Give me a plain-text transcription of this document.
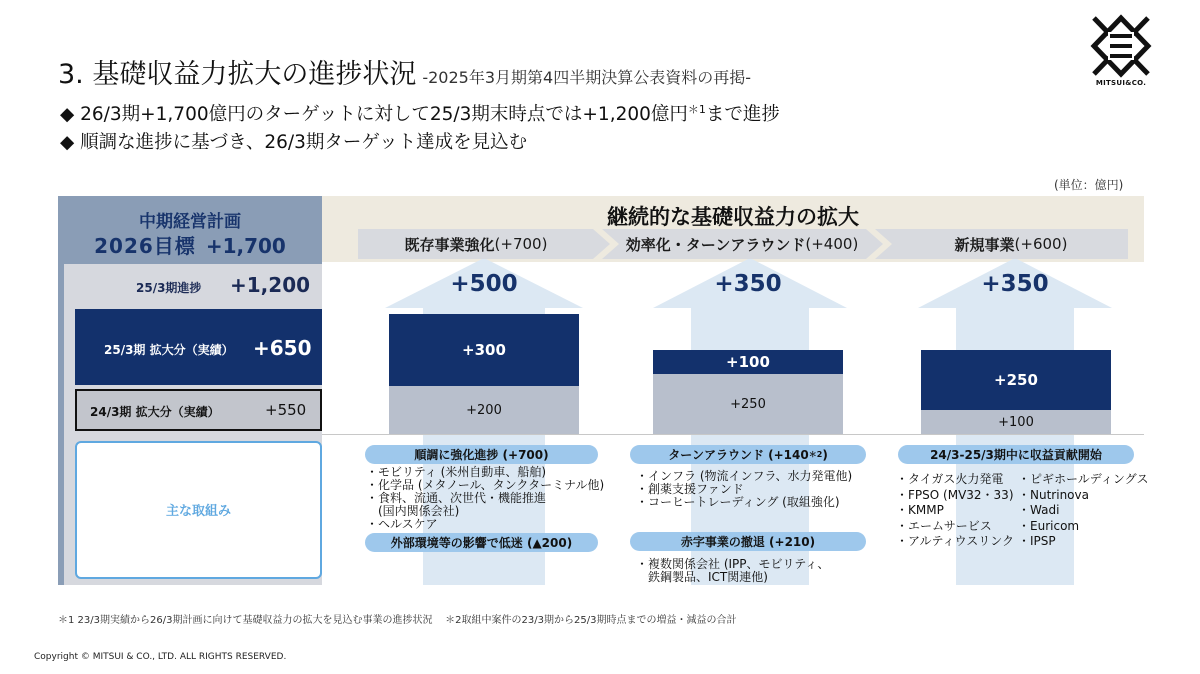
3. 基礎収益力拡大の進捗状況 -2025年3月期第4四半期決算公表資料の再掲-
◆ 26/3期+1,700億円のターゲットに対して25/3期末時点では+1,200億円$^{*1}$まで進捗
◆ 順調な進捗に基づき、26/3期ターゲット達成を見込む
(単位：億円)
MITSUI&CO.
中期経営計画
2026目標 +1,700
25/3期進捗 +1,200
25/3期 拡大分（実績） +650
24/3期 拡大分（実績）	+550
主な取組み
継続的な基礎収益力の拡大
既存事業強化 (+700)	効率化・ターンアラウンド (+400)	新規事業 (+600)
+500	+350	+350
+300
+200
+100
+250
+250
+100
順調に強化進捗 (+700)
・ モビリティ (米州自動車、船舶)
・ 化学品 (メタノール、タンクターミナル他)
・ 食料、流通、次世代・機能推進
(国内関係会社)
・ ヘルスケア
外部環境等の影響で低迷 (▲200)
ターンアラウンド (+140 ＊2 )
・ インフラ (物流インフラ、水力発電他)
・ 創薬支援ファンド
・ コーヒートレーディング (取組強化)
赤字事業の撤退 (+210)
・ 複数関係会社 (IPP、モビリティ、
鉄鋼製品、ICT関連他)
24/3-25/3期中に収益貢献開始
・ タイガス火力発電
・ FPSO (MV32・33)
・ KMMP
・ エームサービス
・ アルティウスリンク
・ ピギホールディングス
・ Nutrinova
・ Wadi
・ Euricom
・ IPSP
＊1 23/3期実績から26/3期計画に向けて基礎収益力の拡大を見込む事業の進捗状況 ＊2取組中案件の23/3期から25/3期時点までの増益・減益の合計
Copyright © MITSUI & CO., LTD. ALL RIGHTS RESERVED.
